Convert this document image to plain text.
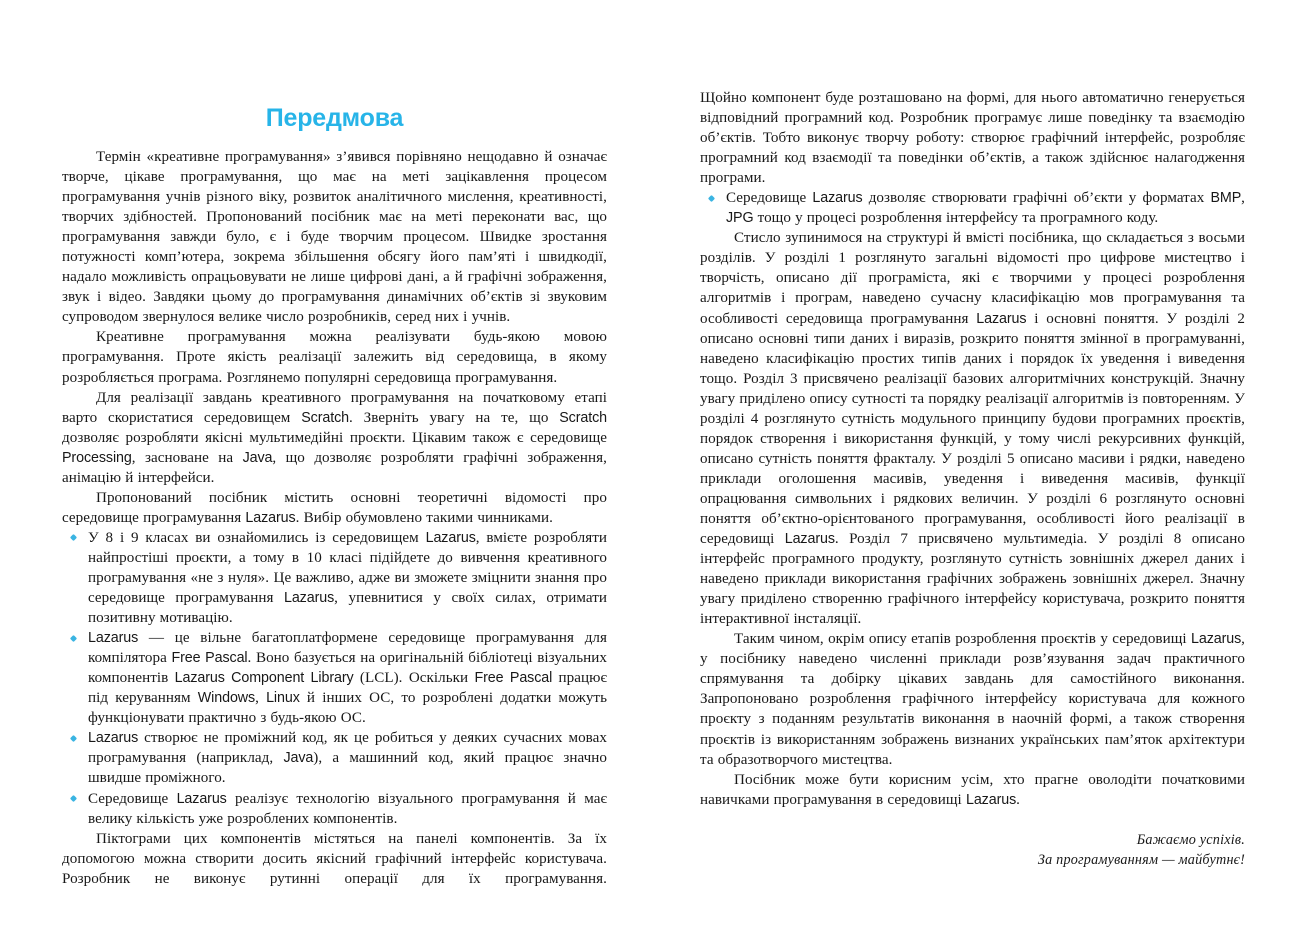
Передмова

Термін «креативне програмування» з’явився порівняно нещодавно й означає творче, цікаве програмування, що має на меті зацікавлення процесом програмування учнів різного віку, розвиток аналітичного мислення, креативності, творчих здібностей. Пропонований посібник має на меті переконати вас, що програмування завжди було, є і буде творчим процесом. Швидке зростання потужності комп’ютера, зокрема збільшення обсягу його пам’яті і швидкодії, надало можливість опрацьовувати не лише цифрові дані, а й графічні зображення, звук і відео. Завдяки цьому до програмування динамічних об’єктів зі звуковим супроводом звернулося велике число розробників, серед них і учнів.

Креативне програмування можна реалізувати будь-якою мовою програмування. Проте якість реалізації залежить від середовища, в якому розробляється програма. Розглянемо популярні середовища програмування.

Для реалізації завдань креативного програмування на початковому етапі варто скористатися середовищем Scratch. Зверніть увагу на те, що Scratch дозволяє розробляти якісні мультимедійні проєкти. Цікавим також є середовище Processing, засноване на Java, що дозволяє розробляти графічні зображення, анімацію й інтерфейси.

Пропонований посібник містить основні теоретичні відомості про середовище програмування Lazarus. Вибір обумовлено такими чинниками.

У 8 і 9 класах ви ознайомились із середовищем Lazarus, вмієте розробляти найпростіші проєкти, а тому в 10 класі підійдете до вивчення креативного програмування «не з нуля». Це важливо, адже ви зможете зміцнити знання про середовище програмування Lazarus, упевнитися у своїх силах, отримати позитивну мотивацію.
Lazarus — це вільне багатоплатформене середовище програмування для компілятора Free Pascal. Воно базується на оригінальній бібліотеці візуальних компонентів Lazarus Component Library (LCL). Оскільки Free Pascal працює під керуванням Windows, Linux й інших ОС, то розроблені додатки можуть функціонувати практично з будь-якою ОС.
Lazarus створює не проміжний код, як це робиться у деяких сучасних мовах програмування (наприклад, Java), а машинний код, який працює значно швидше проміжного.
Середовище Lazarus реалізує технологію візуального програмування й має велику кількість уже розроблених компонентів.

Піктограми цих компонентів містяться на панелі компонентів. За їх допомогою можна створити досить якісний графічний інтерфейс користувача. Розробник не виконує рутинні операції для їх програмування.

Щойно компонент буде розташовано на формі, для нього автоматично генерується відповідний програмний код. Розробник програмує лише поведінку та взаємодію об’єктів. Тобто виконує творчу роботу: створює графічний інтерфейс, розробляє програмний код взаємодії та поведінки об’єктів, а також здійснює налагодження програми.

Середовище Lazarus дозволяє створювати графічні об’єкти у форматах BMP, JPG тощо у процесі розроблення інтерфейсу та програмного коду.

Стисло зупинимося на структурі й вмісті посібника, що складається з восьми розділів. У розділі 1 розглянуто загальні відомості про цифрове мистецтво і творчість, описано дії програміста, які є творчими у процесі розроблення алгоритмів і програм, наведено сучасну класифікацію мов програмування та особливості середовища програмування Lazarus і основні поняття. У розділі 2 описано основні типи даних і виразів, розкрито поняття змінної в програмуванні, наведено класифікацію простих типів даних і порядок їх уведення і виведення тощо. Розділ 3 присвячено реалізації базових алгоритмічних конструкцій. Значну увагу приділено опису сутності та порядку реалізації алгоритмів із повторенням. У розділі 4 розглянуто сутність модульного принципу будови програмних проєктів, порядок створення і використання функцій, у тому числі рекурсивних функцій, описано сутність поняття фракталу. У розділі 5 описано масиви і рядки, наведено приклади оголошення масивів, уведення і виведення масивів, функції опрацювання символьних і рядкових величин. У розділі 6 розглянуто основні поняття об’єктно-орієнтованого програмування, особливості його реалізації в середовищі Lazarus. Розділ 7 присвячено мультимедіа. У розділі 8 описано інтерфейс програмного продукту, розглянуто сутність зовнішніх джерел даних і наведено приклади використання графічних зображень зовнішніх джерел. Значну увагу приділено створенню графічного інтерфейсу користувача, розкрито поняття інтерактивної інсталяції.

Таким чином, окрім опису етапів розроблення проєктів у середовищі Lazarus, у посібнику наведено численні приклади розв’язування задач практичного спрямування та добірку цікавих завдань для самостійного виконання. Запропоновано розроблення графічного інтерфейсу користувача для кожного проєкту з поданням результатів виконання в наочній формі, а також створення проєктів із використанням зображень визнаних українських пам’яток архітектури та образотворчого мистецтва.

Посібник може бути корисним усім, хто прагне оволодіти початковими навичками програмування в середовищі Lazarus.

Бажаємо успіхів.
За програмуванням — майбутнє!
